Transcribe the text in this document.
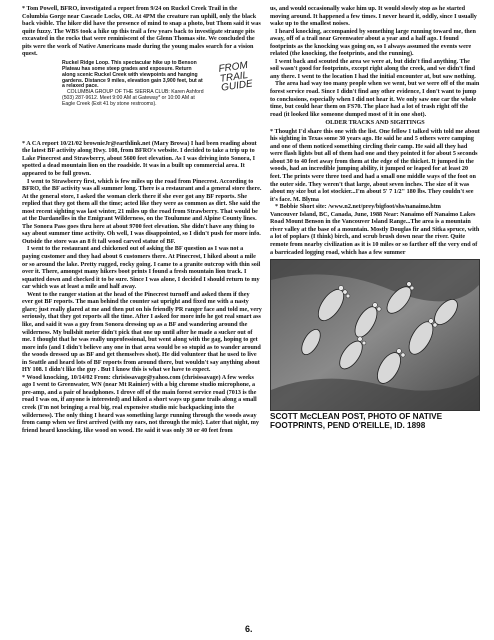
* Tom Powell, BFRO, investigated a report from 9/24 on Ruckel Creek Trail in the Columbia Gorge near Cascade Locks, OR. At 4PM the creature ran uphill, only the black back visible. The hiker did have the presence of mind to snap a photo, but Thom said it was quite fuzzy. The WBS took a hike up this trail a few years back to investigate strange pits excavated in the rocks that were reminiscent of the Glenn Thomas site. We concluded the pits were the work of Native Americans made during the young males search for a vision quest.

Ruckel Ridge Loop. This spectacular hike up to Benson Plateau has some steep grades and exposure. Return along scenic Ruckel Creek with viewpoints and hanging gardens. Distance 9 miles, elevation gain 3,900 feet, but at a relaxed pace.

COLUMBIA GROUP OF THE SIERRA CLUB: Karen Ashford (503) 287-9612. Meet 9:00 AM at Gateway* or 10:00 AM at Eagle Creek (Exit 41 by stone restrooms).

FROM TRAIL GUIDE

* A CA report 10/21/02 brownieJr@earthlink.net (Mary Browa) I had been reading about the latest BF activity along Hwy. 108, from BFRO's website. I decided to take a trip up to Lake Pinecrest and Strawberry, about 5600 feet elevation. As I was driving into Sonora, I spotted a dead mountain lion on the roadside. It was in a built up commercial area. It appeared to be full grown.

I went to Strawberry first, which is few miles up the road from Pinecrest. According to BFRO, the BF activity was all summer long. There is a restaurant and a general store there. At the general store, I asked the woman clerk there if she ever got any BF reports. She replied that they got them all the time; acted like they were as common as dirt. She said the most recent sighting was last winter, 21 miles up the road from Strawberry. That would be at the Dardanelles in the Emigrant Wilderness, on the Toulumne and Alpine County lines. The Sonora Pass goes thru here at about 9700 feet elevation. She didn't have any thing to say about summer time activity. Oh well, I was disappointed, so I didn't push for more info. Outside the store was an 8 ft tall wood carved statue of BF.

I went to the restaurant and chickened out of asking the BF question as I was not a paying customer and they had about 6 customers there. At Pinecrest, I hiked about a mile or so around the lake. Pretty rugged, rocky going. I came to a granite outcrop with thin soil over it. There, amongst many hikers boot prints I found a fresh mountain lion track. I squatted down and checked it to be sure. Since I was alone, I decided I should return to my car which was at least a mile and half away.

Went to the ranger station at the head of the Pinecrest turnoff and asked them if they ever got BF reports. The man behind the counter sat upright and fixed me with a nasty glare; just really glared at me and then put on his friendly PR ranger face and told me, very seriously, that they got reports all the time. After I asked for more info he got real smart ass like, and said it was a guy from Sonora dressing up as a BF and wandering around the wilderness. My bullshit meter didn't pick that one up until after he made a sucker out of me. I thought that he was really unprofessional, but went along with the gag, hoping to get more info (and I didn't believe any one in that area would be so stupid as to wander around the woods dressed up as BF and get themselves shot). He did volunteer that he used to live in Seattle and heard lots of BF reports from around there, but wouldn't say anything about HY 108. I didn't like the guy . But I know this is what we have to expect.

* Wood knocking, 10/14/02 From: chrisissavage@yahoo.com (chrisissavage) A few weeks ago I went to Greenwater, WN (near Mt Rainier) with a big chrome studio microphone, a pre-amp, and a pair of headphones. I drove off of the main forest service road (7013 is the road I was on, if anyone is interested) and hiked a short ways up game trails along a small creek (I'm not bringing a real big, real expensive studio mic backpacking into the wilderness). The only thing I heard was something large running through the woods away from camp when we first arrived (with my ears, not through the mic). Later that night, my friend heard knocking, like wood on wood. He said it was only 30 or 40 feet from

us, and would occasionally wake him up. It would slowly stop as he started moving around. It happened a few times. I never heard it, oddly, since I usually wake up to the smallest noises.

I heard knocking, accompanied by something large running toward me, then away, off of a trail near Greenwater about a year and a half ago. I found footprints as the knocking was going on, so I always assumed the events were related (the knocking, the footprints, and the running).

I went back and scouted the area we were at, but didn't find anything. The soil wasn't good for footprints, except right along the creek, and we didn't find any there. I went to the location I had the initial encounter at, but saw nothing.

The area had way too many people when we went, but we were off of the main forest service road. Since I didn't find any other evidence, I don't want to jump to conclusions, especially when I did not hear it. We only saw one car the whole time, but could hear them on FS70. The place had a lot of trash right off the road (it looked like someone dumped most of it in one shot).

OLDER TRACKS AND SIGHTINGS

* Thought I'd share this one with the list. One fellow I talked with told me about his sighting in Texas some 30 years ago. He said he and 5 others were camping and one of them noticed something circling their camp. He said all they had were flash lights but all of them had one and they pointed it for about 5 seconds about 30 to 40 feet away from them at the edge of the thicket. It jumped in the woods, had an incredible jumping ability, it jumped or leaped for at least 20 feet. The prints were three toed and had a small one middle ways of the foot on the outer side. They weren't that large, about seven inches. The size of it was about my size but a lot stockier...I'm about 5' 7 1/2" 180 lbs. They couldn't see it's face. M. Blyma

* Bobbie Short site: /www.n2.net/prey/bigfoot/shs/nanaimo.htm

Vancouver Island, BC, Canada, June, 1988 Near: Nanaimo off Nanaimo Lakes Road Mount Benson in the Vancouver Island Range...The area is a mountain river valley at the base of a mountain. Mostly Douglas fir and Sitka spruce, with a lot of poplars (I think) birch, and scrub brush down near the river. Quite remote from nearby civilization as it is 10 miles or so farther off the very end of a barricaded logging road, which has a few summer

SCOTT McCLEAN POST, PHOTO OF NATIVE FOOTPRINTS, PEND O'REILLE, ID. 1898
6.
